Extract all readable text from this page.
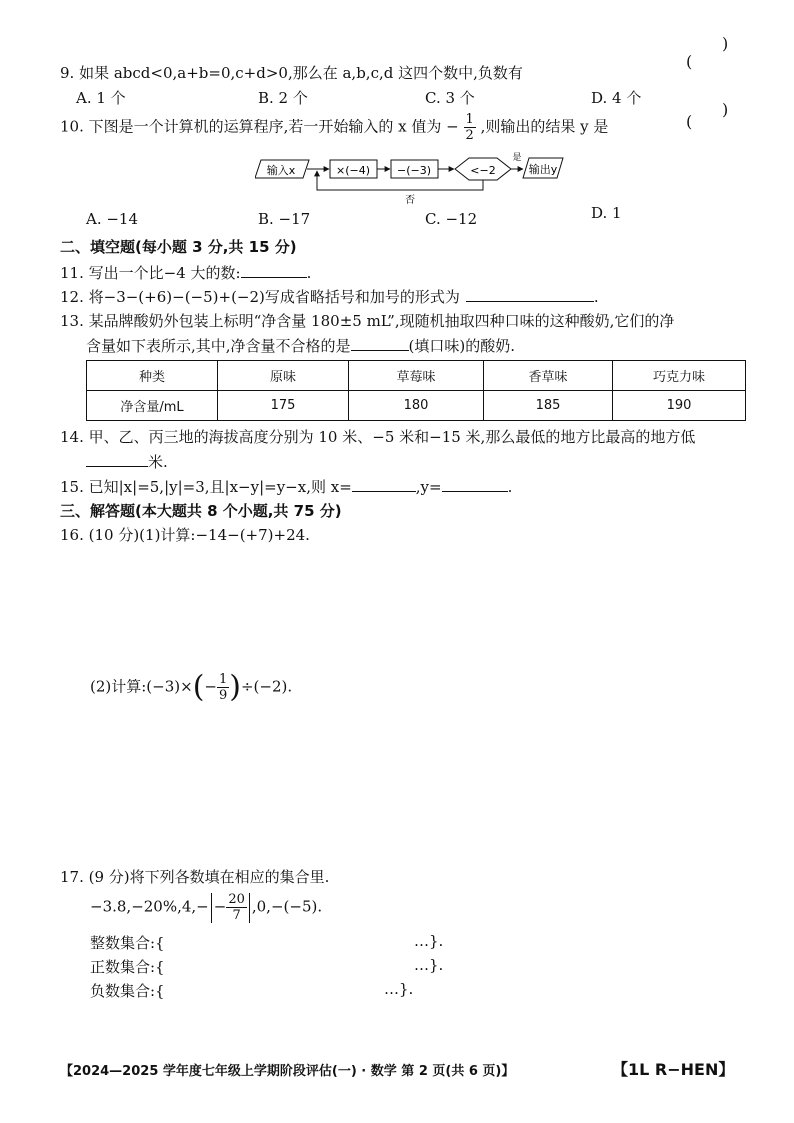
)
(
9. 如果 abcd<0,a+b=0,c+d>0,那么在 a,b,c,d 这四个数中,负数有
A. 1 个	B. 2 个	C. 3 个	D. 4 个
)
(
10. 下图是一个计算机的运算程序,若一开始输入的 x 值为 − $\frac{1}{2}$ ,则输出的结果 y 是
输入x	×(−4) −(−3)	<−2
是
输出y
否
A. −14	B. −17	C. −12	D. 1
二、填空题(每小题 3 分,共 15 分)
11. 写出一个比−4 大的数:	.
12. 将−3−(+6)−(−5)+(−2)写成省略括号和加号的形式为	.
13. 某品牌酸奶外包装上标明“净含量 180±5 mL”,现随机抽取四种口味的这种酸奶,它们的净
含量如下表所示,其中,净含量不合格的是	(填口味)的酸奶.
种类	原味	草莓味	香草味	巧克力味
净含量/mL	175	180	185	190
14. 甲、乙、丙三地的海拔高度分别为 10 米、−5 米和−15 米,那么最低的地方比最高的地方低
米.
15. 已知|x|=5,|y|=3,且|x−y|=y−x,则 x=	,y=	.
三、解答题(本大题共 8 个小题,共 75 分)
16. (10 分)(1)计算:−14−(+7)+24.
(2)计算:(−3)×(− $\frac{1}{9} )\div(-2)$.
17. (9 分)将下列各数填在相应的集合里.
$-3.8,-20\%,4,- - \frac{20}{7} ,0,-(-5)$.
整数集合:{	…}.
正数集合:{	…}.
负数集合:{	…}.
【2024—2025 学年度七年级上学期阶段评估(一) · 数学 第 2 页(共 6 页)】	【1L R−HEN】
